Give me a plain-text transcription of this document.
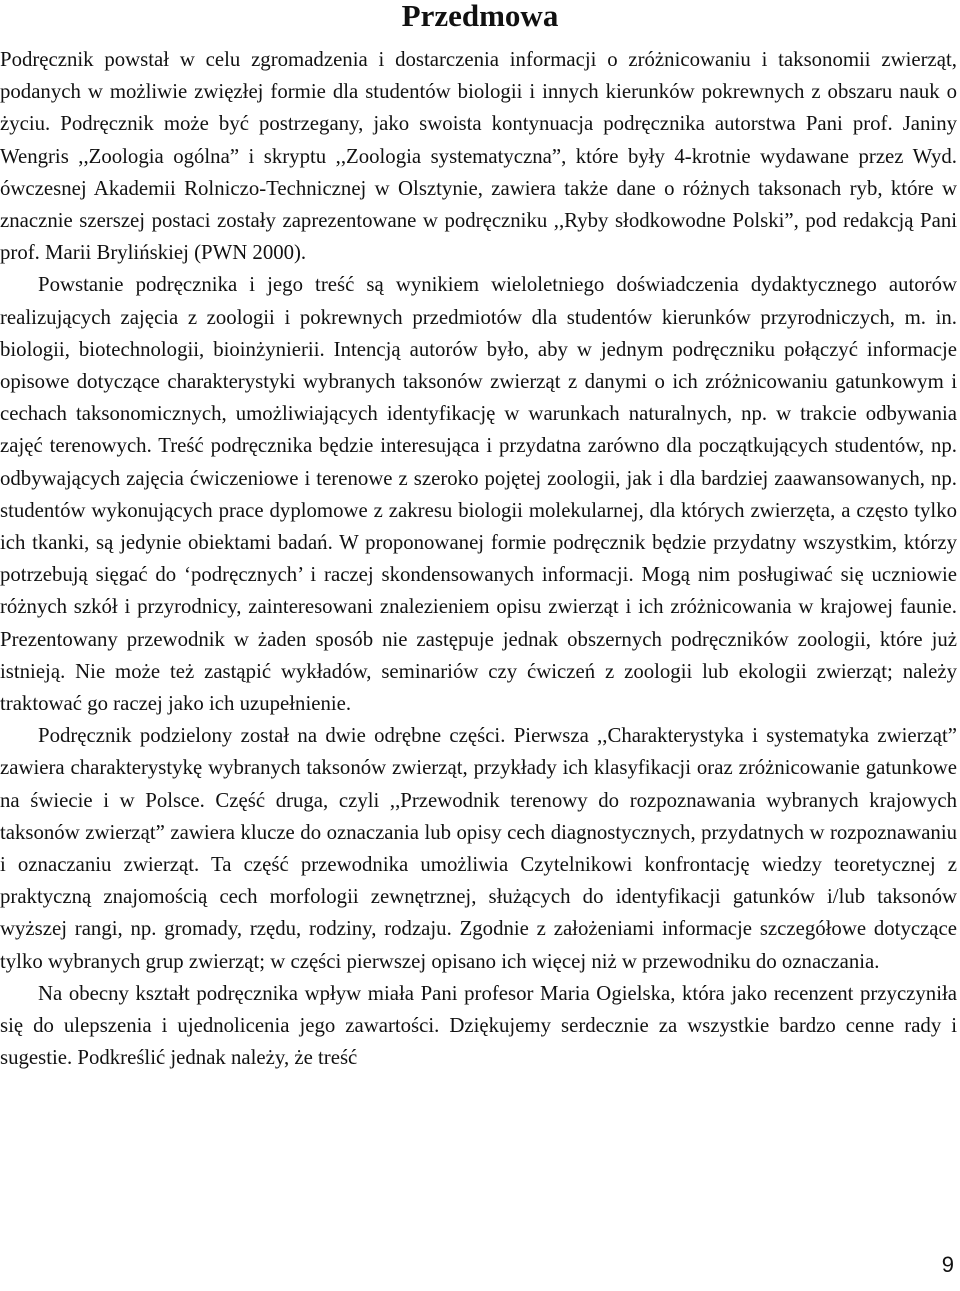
Przedmowa

Podręcznik powstał w celu zgromadzenia i dostarczenia informacji o zróżnicowaniu i taksonomii zwierząt, podanych w możliwie zwięzłej formie dla studentów biologii i innych kierunków pokrewnych z obszaru nauk o życiu. Podręcznik może być postrzegany, jako swoista kontynuacja podręcznika autorstwa Pani prof. Janiny Wengris ,,Zoologia ogólna” i skryptu ,,Zoologia systematyczna”, które były 4-krotnie wydawane przez Wyd. ówczesnej Akademii Rolniczo-Technicznej w Olsztynie, zawiera także dane o różnych taksonach ryb, które w znacznie szerszej postaci zostały zaprezentowane w podręczniku ,,Ryby słodkowodne Polski”, pod redakcją Pani prof. Marii Brylińskiej (PWN 2000).

Powstanie podręcznika i jego treść są wynikiem wieloletniego doświadczenia dydaktycznego autorów realizujących zajęcia z zoologii i pokrewnych przedmiotów dla studentów kierunków przyrodniczych, m. in. biologii, biotechnologii, bioinżynierii. Intencją autorów było, aby w jednym podręczniku połączyć informacje opisowe dotyczące charakterystyki wybranych taksonów zwierząt z danymi o ich zróżnicowaniu gatunkowym i cechach taksonomicznych, umożliwiających identyfikację w warunkach naturalnych, np. w trakcie odbywania zajęć terenowych. Treść podręcznika będzie interesująca i przydatna zarówno dla początkujących studentów, np. odbywających zajęcia ćwiczeniowe i terenowe z szeroko pojętej zoologii, jak i dla bardziej zaawansowanych, np. studentów wykonujących prace dyplomowe z zakresu biologii molekularnej, dla których zwierzęta, a często tylko ich tkanki, są jedynie obiektami badań. W proponowanej formie podręcznik będzie przydatny wszystkim, którzy potrzebują sięgać do ‘podręcznych’ i raczej skondensowanych informacji. Mogą nim posługiwać się uczniowie różnych szkół i przyrodnicy, zainteresowani znalezieniem opisu zwierząt i ich zróżnicowania w krajowej faunie. Prezentowany przewodnik w żaden sposób nie zastępuje jednak obszernych podręczników zoologii, które już istnieją. Nie może też zastąpić wykładów, seminariów czy ćwiczeń z zoologii lub ekologii zwierząt; należy traktować go raczej jako ich uzupełnienie.

Podręcznik podzielony został na dwie odrębne części. Pierwsza ,,Charakterystyka i systematyka zwierząt” zawiera charakterystykę wybranych taksonów zwierząt, przykłady ich klasyfikacji oraz zróżnicowanie gatunkowe na świecie i w Polsce. Część druga, czyli ,,Przewodnik terenowy do rozpoznawania wybranych krajowych taksonów zwierząt” zawiera klucze do oznaczania lub opisy cech diagnostycznych, przydatnych w rozpoznawaniu i oznaczaniu zwierząt. Ta część przewodnika umożliwia Czytelnikowi konfrontację wiedzy teoretycznej z praktyczną znajomością cech morfologii zewnętrznej, służących do identyfikacji gatunków i/lub taksonów wyższej rangi, np. gromady, rzędu, rodziny, rodzaju. Zgodnie z założeniami informacje szczegółowe dotyczące tylko wybranych grup zwierząt; w części pierwszej opisano ich więcej niż w przewodniku do oznaczania.

Na obecny kształt podręcznika wpływ miała Pani profesor Maria Ogielska, która jako recenzent przyczyniła się do ulepszenia i ujednolicenia jego zawartości. Dziękujemy serdecznie za wszystkie bardzo cenne rady i sugestie. Podkreślić jednak należy, że treść

9
